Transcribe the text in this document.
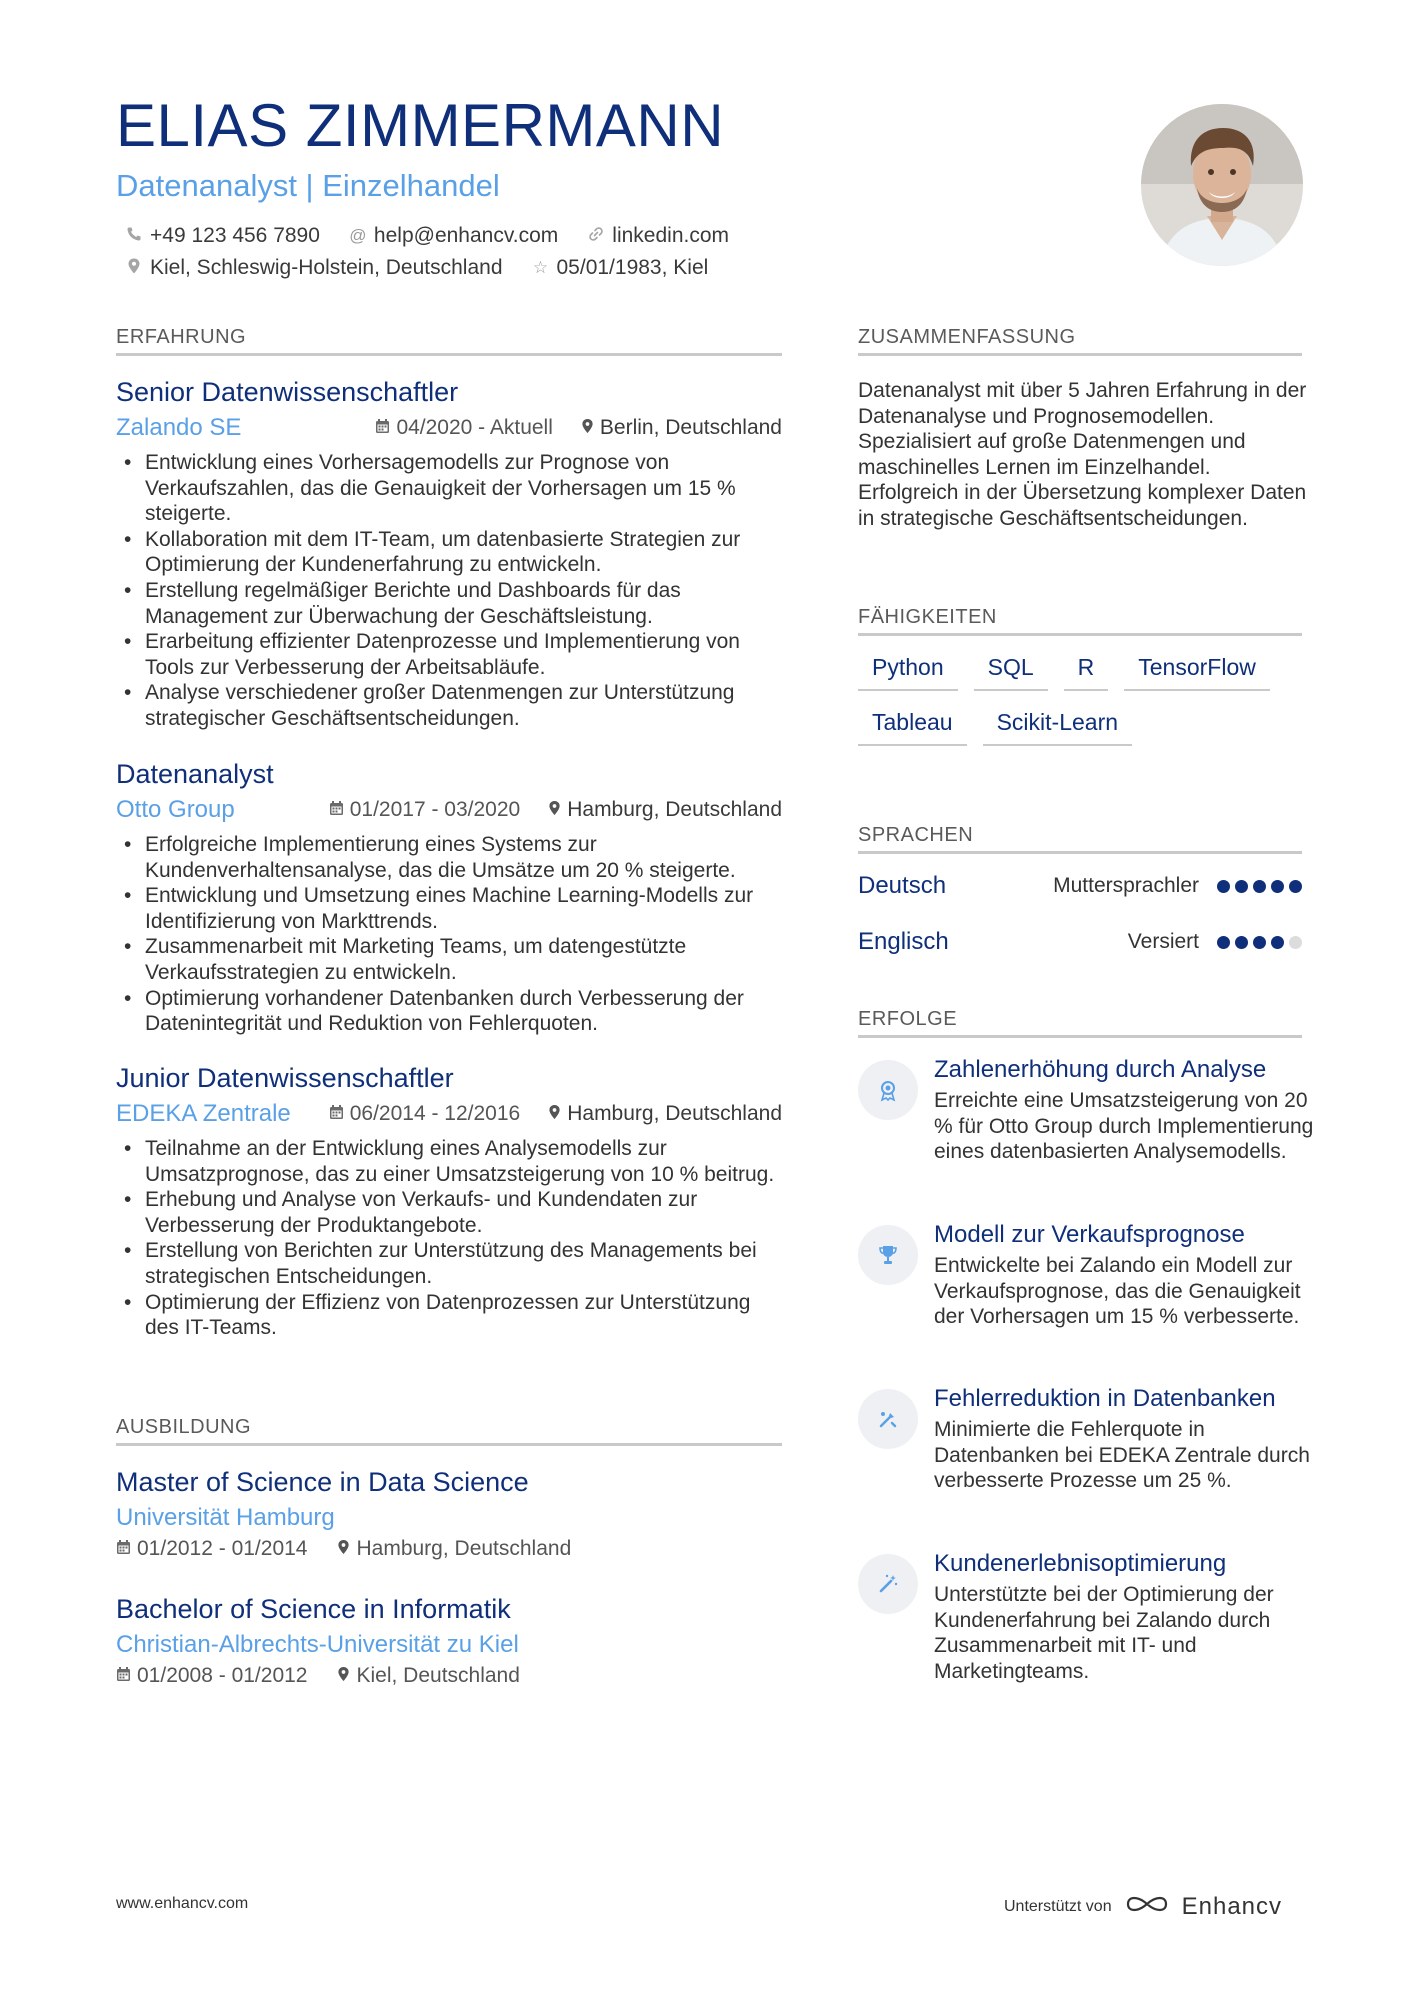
ELIAS ZIMMERMANN
Datenanalyst | Einzelhandel
+49 123 456 7890 @ help@enhancv.com	linkedin.com
Kiel, Schleswig-Holstein, Deutschland ☆ 05/01/1983, Kiel
ERFAHRUNG
Senior Datenwissenschaftler
Zalando SE	04/2020 - Aktuell Berlin, Deutschland
• Entwicklung eines Vorhersagemodells zur Prognose von Verkaufszahlen, das die Genauigkeit der Vorhersagen um 15 % steigerte.
• Kollaboration mit dem IT-Team, um datenbasierte Strategien zur Optimierung der Kundenerfahrung zu entwickeln.
• Erstellung regelmäßiger Berichte und Dashboards für das Management zur Überwachung der Geschäftsleistung.
• Erarbeitung effizienter Datenprozesse und Implementierung von Tools zur Verbesserung der Arbeitsabläufe.
• Analyse verschiedener großer Datenmengen zur Unterstützung strategischer Geschäftsentscheidungen.
Datenanalyst
Otto Group	01/2017 - 03/2020 Hamburg, Deutschland
• Erfolgreiche Implementierung eines Systems zur Kundenverhaltensanalyse, das die Umsätze um 20 % steigerte.
• Entwicklung und Umsetzung eines Machine Learning-Modells zur Identifizierung von Markttrends.
• Zusammenarbeit mit Marketing Teams, um datengestützte Verkaufsstrategien zu entwickeln.
• Optimierung vorhandener Datenbanken durch Verbesserung der Datenintegrität und Reduktion von Fehlerquoten.
Junior Datenwissenschaftler
EDEKA Zentrale	06/2014 - 12/2016 Hamburg, Deutschland
• Teilnahme an der Entwicklung eines Analysemodells zur Umsatzprognose, das zu einer Umsatzsteigerung von 10 % beitrug.
• Erhebung und Analyse von Verkaufs- und Kundendaten zur Verbesserung der Produktangebote.
• Erstellung von Berichten zur Unterstützung des Managements bei strategischen Entscheidungen.
• Optimierung der Effizienz von Datenprozessen zur Unterstützung des IT-Teams.
AUSBILDUNG
Master of Science in Data Science
Universität Hamburg
01/2012 - 01/2014 Hamburg, Deutschland
Bachelor of Science in Informatik
Christian-Albrechts-Universität zu Kiel
01/2008 - 01/2012 Kiel, Deutschland
ZUSAMMENFASSUNG
Datenanalyst mit über 5 Jahren Erfahrung in der Datenanalyse und Prognosemodellen. Spezialisiert auf große Datenmengen und maschinelles Lernen im Einzelhandel. Erfolgreich in der Übersetzung komplexer Daten in strategische Geschäftsentscheidungen.
FÄHIGKEITEN
Python	SQL	R	TensorFlow
Tableau	Scikit-Learn
SPRACHEN
Deutsch	Muttersprachler
Englisch	Versiert
ERFOLGE
Zahlenerhöhung durch Analyse
Erreichte eine Umsatzsteigerung von 20 % für Otto Group durch Implementierung eines datenbasierten Analysemodells.
Modell zur Verkaufsprognose
Entwickelte bei Zalando ein Modell zur Verkaufsprognose, das die Genauigkeit der Vorhersagen um 15 % verbesserte.
Fehlerreduktion in Datenbanken
Minimierte die Fehlerquote in Datenbanken bei EDEKA Zentrale durch verbesserte Prozesse um 25 %.
Kundenerlebnisoptimierung
Unterstützte bei der Optimierung der Kundenerfahrung bei Zalando durch Zusammenarbeit mit IT- und Marketingteams.
www.enhancv.com	Unterstützt von	Enhancv
